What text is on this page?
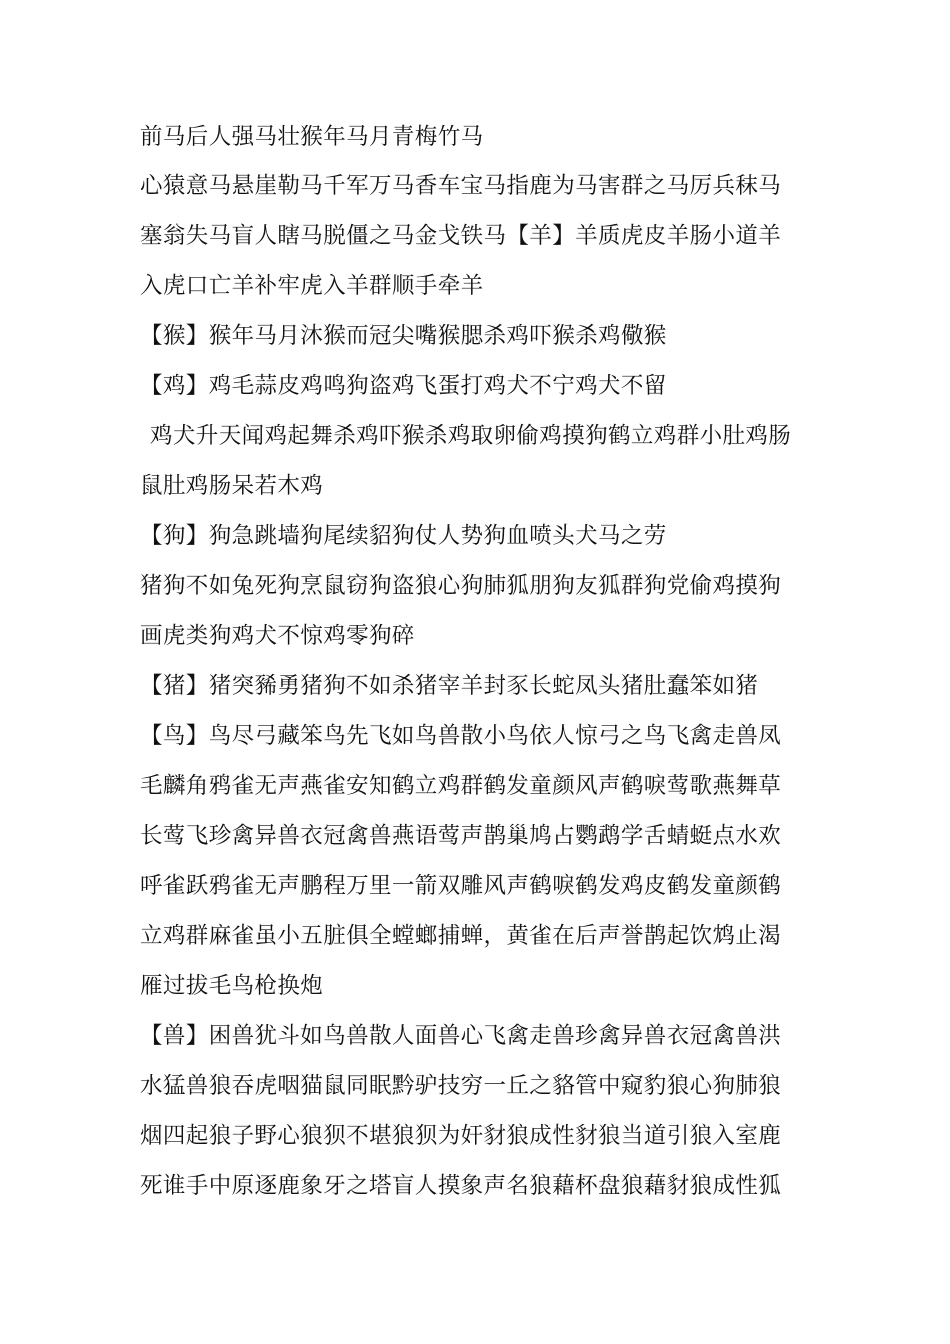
前马后人强马壮猴年马月青梅竹马
心猿意马悬崖勒马千军万马香车宝马指鹿为马害群之马厉兵秣马
塞翁失马盲人瞎马脱僵之马金戈铁马【羊】羊质虎皮羊肠小道羊
入虎口亡羊补牢虎入羊群顺手牵羊
【猴】猴年马月沐猴而冠尖嘴猴腮杀鸡吓猴杀鸡儆猴
【鸡】鸡毛蒜皮鸡鸣狗盗鸡飞蛋打鸡犬不宁鸡犬不留
鸡犬升天闻鸡起舞杀鸡吓猴杀鸡取卵偷鸡摸狗鹤立鸡群小肚鸡肠
鼠肚鸡肠呆若木鸡
【狗】狗急跳墙狗尾续貂狗仗人势狗血喷头犬马之劳
猪狗不如兔死狗烹鼠窃狗盗狼心狗肺狐朋狗友狐群狗党偷鸡摸狗
画虎类狗鸡犬不惊鸡零狗碎
【猪】猪突豨勇猪狗不如杀猪宰羊封豕长蛇凤头猪肚蠢笨如猪
【鸟】鸟尽弓藏笨鸟先飞如鸟兽散小鸟依人惊弓之鸟飞禽走兽凤
毛麟角鸦雀无声燕雀安知鹤立鸡群鹤发童颜风声鹤唳莺歌燕舞草
长莺飞珍禽异兽衣冠禽兽燕语莺声鹊巢鸠占鹦鹉学舌蜻蜓点水欢
呼雀跃鸦雀无声鹏程万里一箭双雕风声鹤唳鹤发鸡皮鹤发童颜鹤
立鸡群麻雀虽小五脏俱全螳螂捕蝉，黄雀在后声誉鹊起饮鸩止渴
雁过拔毛鸟枪换炮
【兽】困兽犹斗如鸟兽散人面兽心飞禽走兽珍禽异兽衣冠禽兽洪
水猛兽狼吞虎咽猫鼠同眠黔驴技穷一丘之貉管中窥豹狼心狗肺狼
烟四起狼子野心狼狈不堪狼狈为奸豺狼成性豺狼当道引狼入室鹿
死谁手中原逐鹿象牙之塔盲人摸象声名狼藉杯盘狼藉豺狼成性狐
